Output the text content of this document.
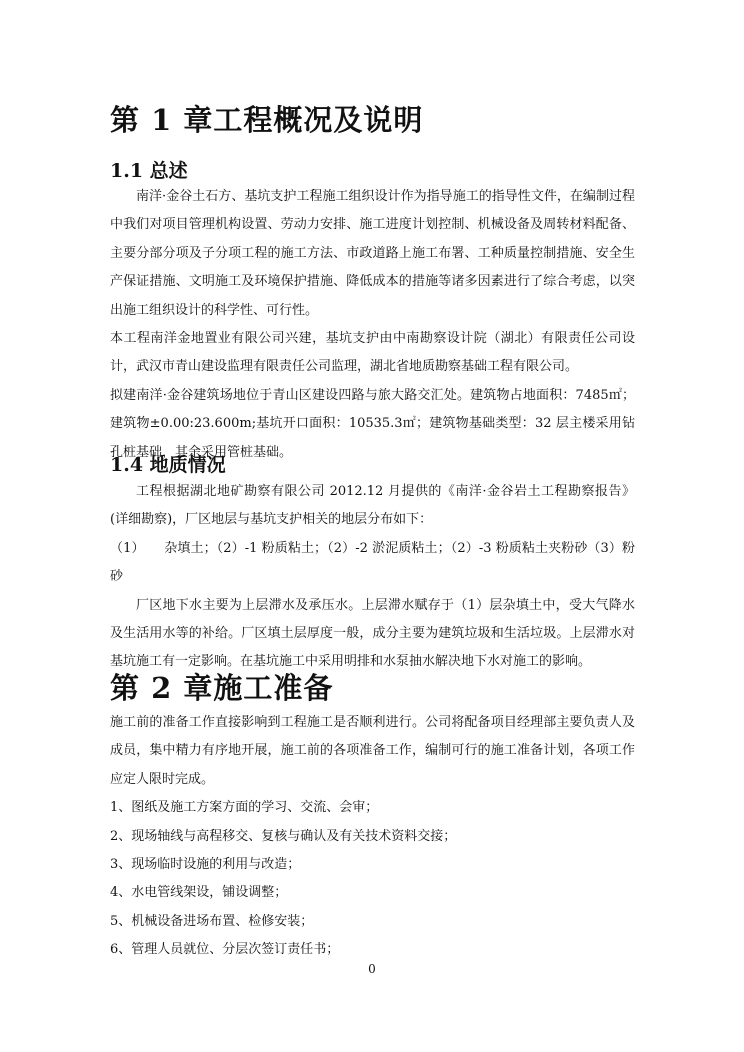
第 1 章工程概况及说明
1.1 总述

南洋·金谷土石方、基坑支护工程施工组织设计作为指导施工的指导性文件，在编制过程中我们对项目管理机构设置、劳动力安排、施工进度计划控制、机械设备及周转材料配备、主要分部分项及子分项工程的施工方法、市政道路上施工布署、工种质量控制措施、安全生产保证措施、文明施工及环境保护措施、降低成本的措施等诸多因素进行了综合考虑，以突出施工组织设计的科学性、可行性。

本工程南洋金地置业有限公司兴建，基坑支护由中南勘察设计院（湖北）有限责任公司设计，武汉市青山建设监理有限责任公司监理，湖北省地质勘察基础工程有限公司。

拟建南洋·金谷建筑场地位于青山区建设四路与旅大路交汇处。建筑物占地面积：7485㎡；建筑物±0.00:23.600m;基坑开口面积：10535.3㎡；建筑物基础类型：32 层主楼采用钻孔桩基础，其余采用管桩基础。

1.4 地质情况

工程根据湖北地矿勘察有限公司 2012.12 月提供的《南洋·金谷岩土工程勘察报告》(详细勘察)，厂区地层与基坑支护相关的地层分布如下：

（1）　　杂填土；（2）-1 粉质粘土；（2）-2 淤泥质粘土；（2）-3 粉质粘土夹粉砂（3）粉砂

厂区地下水主要为上层滞水及承压水。上层滞水赋存于（1）层杂填土中，受大气降水及生活用水等的补给。厂区填土层厚度一般，成分主要为建筑垃圾和生活垃圾。上层滞水对基坑施工有一定影响。在基坑施工中采用明排和水泵抽水解决地下水对施工的影响。

第 2 章施工准备

施工前的准备工作直接影响到工程施工是否顺利进行。公司将配备项目经理部主要负责人及成员，集中精力有序地开展，施工前的各项准备工作，编制可行的施工准备计划，各项工作应定人限时完成。

1、图纸及施工方案方面的学习、交流、会审；

2、现场轴线与高程移交、复核与确认及有关技术资料交接；

3、现场临时设施的利用与改造；

4、水电管线架设，铺设调整；

5、机械设备进场布置、检修安装；

6、管理人员就位、分层次签订责任书；

0
